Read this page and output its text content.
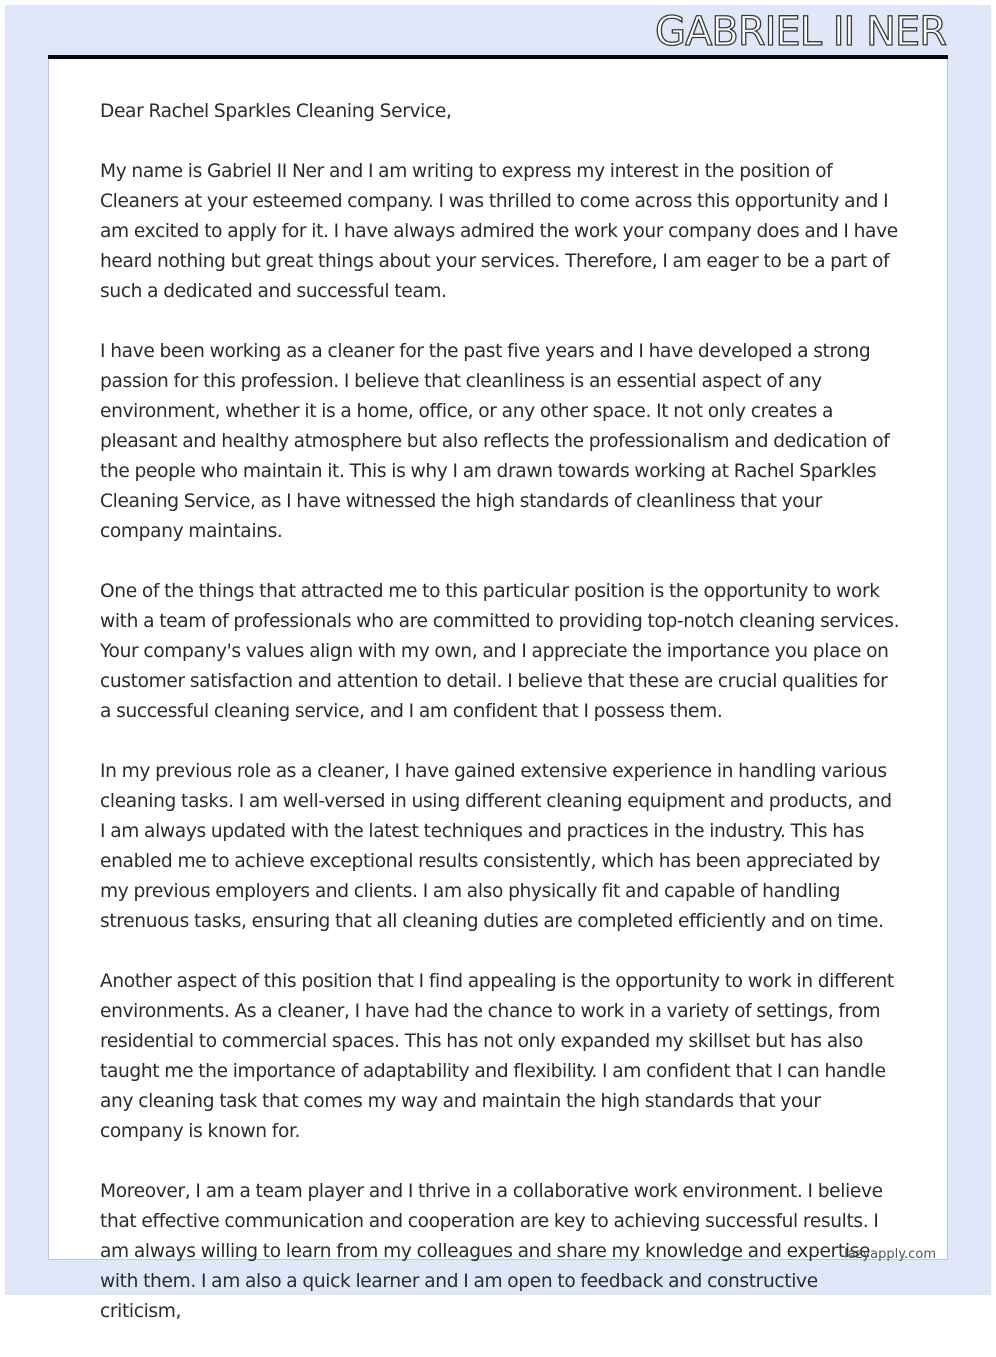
GABRIEL II NER

Dear Rachel Sparkles Cleaning Service,

My name is Gabriel II Ner and I am writing to express my interest in the position of Cleaners at your esteemed company. I was thrilled to come across this opportunity and I am excited to apply for it. I have always admired the work your company does and I have heard nothing but great things about your services. Therefore, I am eager to be a part of such a dedicated and successful team.

I have been working as a cleaner for the past five years and I have developed a strong passion for this profession. I believe that cleanliness is an essential aspect of any environment, whether it is a home, office, or any other space. It not only creates a pleasant and healthy atmosphere but also reflects the professionalism and dedication of the people who maintain it. This is why I am drawn towards working at Rachel Sparkles Cleaning Service, as I have witnessed the high standards of cleanliness that your company maintains.

One of the things that attracted me to this particular position is the opportunity to work with a team of professionals who are committed to providing top-notch cleaning services. Your company's values align with my own, and I appreciate the importance you place on customer satisfaction and attention to detail. I believe that these are crucial qualities for a successful cleaning service, and I am confident that I possess them.

In my previous role as a cleaner, I have gained extensive experience in handling various cleaning tasks. I am well-versed in using different cleaning equipment and products, and I am always updated with the latest techniques and practices in the industry. This has enabled me to achieve exceptional results consistently, which has been appreciated by my previous employers and clients. I am also physically fit and capable of handling strenuous tasks, ensuring that all cleaning duties are completed efficiently and on time.

Another aspect of this position that I find appealing is the opportunity to work in different environments. As a cleaner, I have had the chance to work in a variety of settings, from residential to commercial spaces. This has not only expanded my skillset but has also taught me the importance of adaptability and flexibility. I am confident that I can handle any cleaning task that comes my way and maintain the high standards that your company is known for.

Moreover, I am a team player and I thrive in a collaborative work environment. I believe that effective communication and cooperation are key to achieving successful results. I am always willing to learn from my colleagues and share my knowledge and expertise with them. I am also a quick learner and I am open to feedback and constructive criticism,

lazyapply.com
